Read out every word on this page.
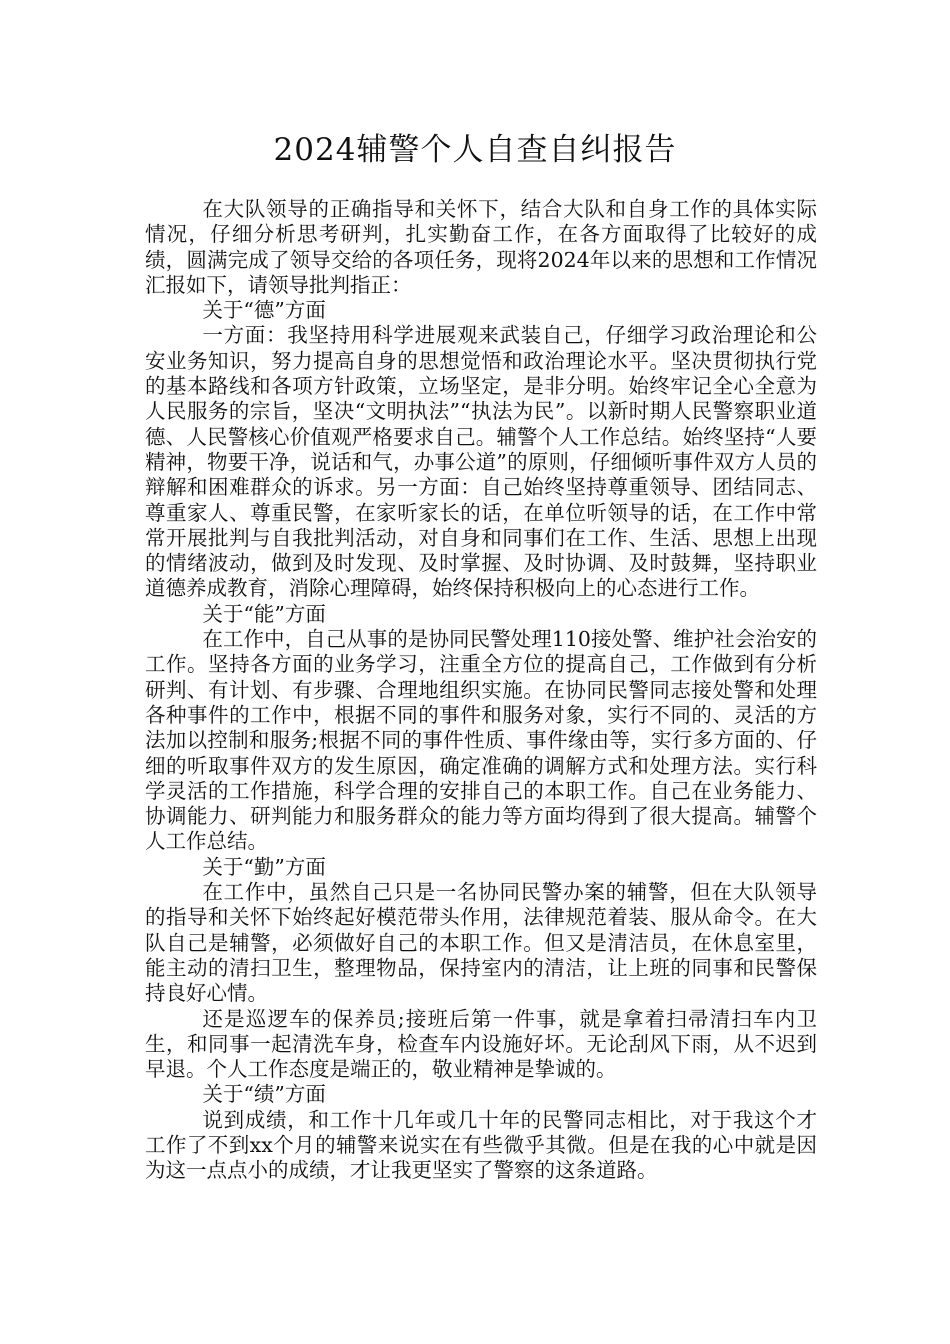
2024辅警个人自查自纠报告

在大队领导的正确指导和关怀下，结合大队和自身工作的具体实际情况，仔细分析思考研判，扎实勤奋工作，在各方面取得了比较好的成绩，圆满完成了领导交给的各项任务，现将2024年以来的思想和工作情况汇报如下，请领导批判指正：

关于“德”方面

一方面：我坚持用科学进展观来武装自己，仔细学习政治理论和公安业务知识，努力提高自身的思想觉悟和政治理论水平。坚决贯彻执行党的基本路线和各项方针政策，立场坚定，是非分明。始终牢记全心全意为人民服务的宗旨，坚决“文明执法”“执法为民”。以新时期人民警察职业道德、人民警核心价值观严格要求自己。辅警个人工作总结。始终坚持“人要精神，物要干净，说话和气，办事公道”的原则，仔细倾听事件双方人员的辩解和困难群众的诉求。另一方面：自己始终坚持尊重领导、团结同志、尊重家人、尊重民警，在家听家长的话，在单位听领导的话，在工作中常常开展批判与自我批判活动，对自身和同事们在工作、生活、思想上出现的情绪波动，做到及时发现、及时掌握、及时协调、及时鼓舞，坚持职业道德养成教育，消除心理障碍，始终保持积极向上的心态进行工作。

关于“能”方面

在工作中，自己从事的是协同民警处理110接处警、维护社会治安的工作。坚持各方面的业务学习，注重全方位的提高自己，工作做到有分析研判、有计划、有步骤、合理地组织实施。在协同民警同志接处警和处理各种事件的工作中，根据不同的事件和服务对象，实行不同的、灵活的方法加以控制和服务;根据不同的事件性质、事件缘由等，实行多方面的、仔细的听取事件双方的发生原因，确定准确的调解方式和处理方法。实行科学灵活的工作措施，科学合理的安排自己的本职工作。自己在业务能力、协调能力、研判能力和服务群众的能力等方面均得到了很大提高。辅警个人工作总结。

关于“勤”方面

在工作中，虽然自己只是一名协同民警办案的辅警，但在大队领导的指导和关怀下始终起好模范带头作用，法律规范着装、服从命令。在大队自己是辅警，必须做好自己的本职工作。但又是清洁员，在休息室里，能主动的清扫卫生，整理物品，保持室内的清洁，让上班的同事和民警保持良好心情。

还是巡逻车的保养员;接班后第一件事，就是拿着扫帚清扫车内卫生，和同事一起清洗车身，检查车内设施好坏。无论刮风下雨，从不迟到早退。个人工作态度是端正的，敬业精神是挚诚的。

关于“绩”方面

说到成绩，和工作十几年或几十年的民警同志相比，对于我这个才工作了不到xx个月的辅警来说实在有些微乎其微。但是在我的心中就是因为这一点点小的成绩，才让我更坚实了警察的这条道路。
